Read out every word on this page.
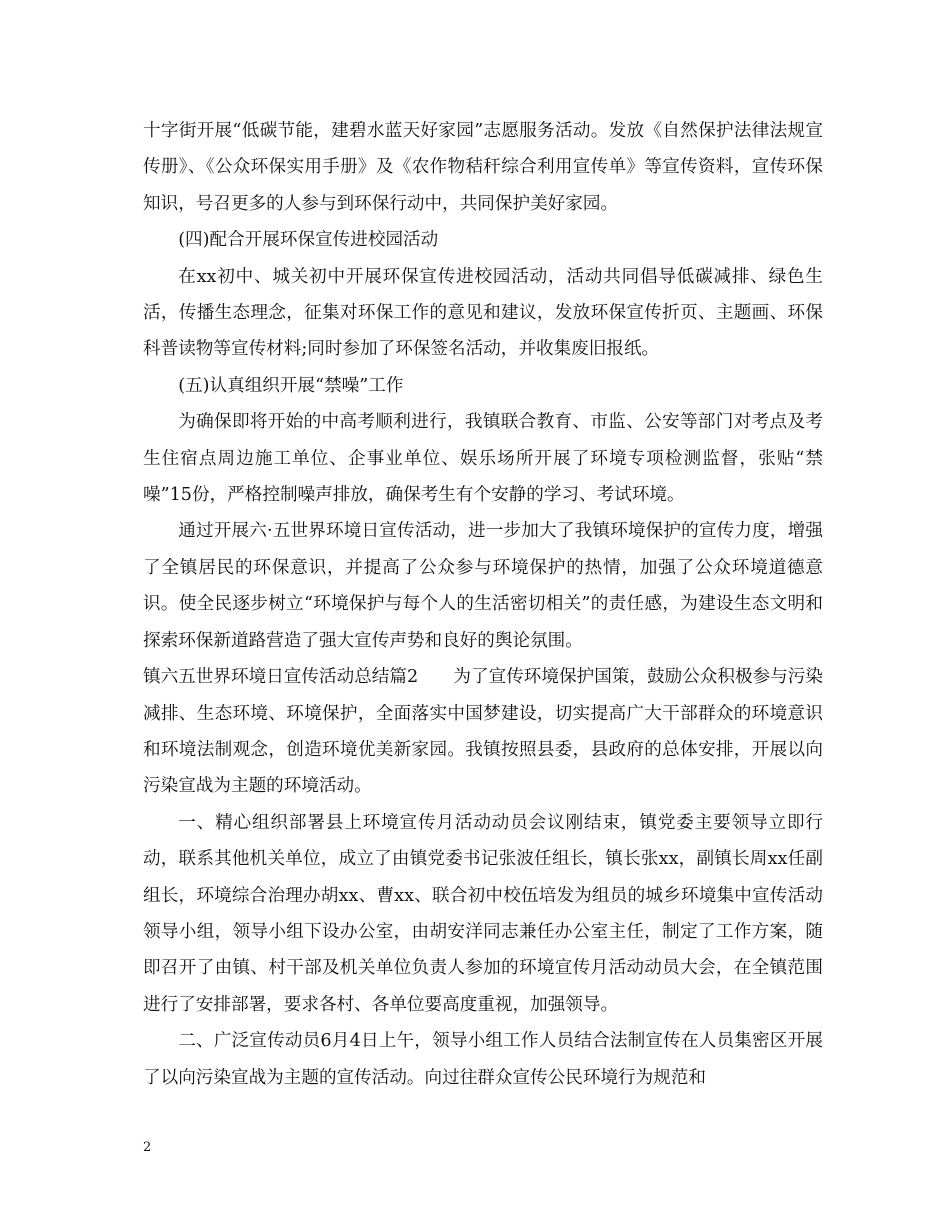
十字街开展“低碳节能，建碧水蓝天好家园”志愿服务活动。发放《自然保护法律法规宣传册》、《公众环保实用手册》及《农作物秸秆综合利用宣传单》等宣传资料，宣传环保知识，号召更多的人参与到环保行动中，共同保护美好家园。

(四)配合开展环保宣传进校园活动

在xx初中、城关初中开展环保宣传进校园活动，活动共同倡导低碳减排、绿色生活，传播生态理念，征集对环保工作的意见和建议，发放环保宣传折页、主题画、环保科普读物等宣传材料;同时参加了环保签名活动，并收集废旧报纸。

(五)认真组织开展“禁噪”工作

为确保即将开始的中高考顺利进行，我镇联合教育、市监、公安等部门对考点及考生住宿点周边施工单位、企事业单位、娱乐场所开展了环境专项检测监督，张贴“禁噪”15份，严格控制噪声排放，确保考生有个安静的学习、考试环境。

通过开展六·五世界环境日宣传活动，进一步加大了我镇环境保护的宣传力度，增强了全镇居民的环保意识，并提高了公众参与环境保护的热情，加强了公众环境道德意识。使全民逐步树立“环境保护与每个人的生活密切相关”的责任感，为建设生态文明和探索环保新道路营造了强大宣传声势和良好的舆论氛围。

镇六五世界环境日宣传活动总结篇2　　为了宣传环境保护国策，鼓励公众积极参与污染减排、生态环境、环境保护，全面落实中国梦建设，切实提高广大干部群众的环境意识和环境法制观念，创造环境优美新家园。我镇按照县委，县政府的总体安排，开展以向污染宣战为主题的环境活动。

一、精心组织部署县上环境宣传月活动动员会议刚结束，镇党委主要领导立即行动，联系其他机关单位，成立了由镇党委书记张波任组长，镇长张xx，副镇长周xx任副组长，环境综合治理办胡xx、曹xx、联合初中校伍培发为组员的城乡环境集中宣传活动领导小组，领导小组下设办公室，由胡安洋同志兼任办公室主任，制定了工作方案，随即召开了由镇、村干部及机关单位负责人参加的环境宣传月活动动员大会，在全镇范围进行了安排部署，要求各村、各单位要高度重视，加强领导。

二、广泛宣传动员6月4日上午，领导小组工作人员结合法制宣传在人员集密区开展了以向污染宣战为主题的宣传活动。向过往群众宣传公民环境行为规范和

2
